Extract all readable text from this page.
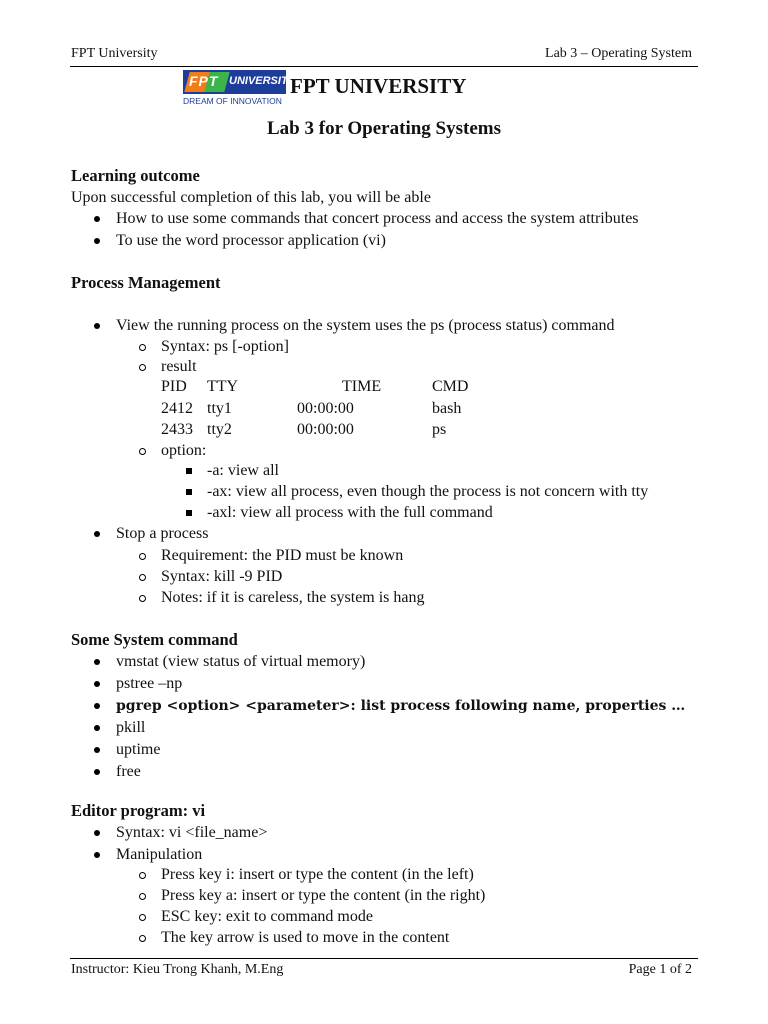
FPT University	Lab 3 – Operating System
FPT UNIVERSITY
DREAM OF INNOVATION
FPT UNIVERSITY
Lab 3 for Operating Systems
Learning outcome
Upon successful completion of this lab, you will be able
How to use some commands that concert process and access the system attributes
To use the word processor application (vi)
Process Management
View the running process on the system uses the ps (process status) command
Syntax: ps [-option]
result
PID TTY	TIME	CMD
2412 tty1	00:00:00	bash
2433 tty2	00:00:00	ps
option:
-a: view all
-ax: view all process, even though the process is not concern with tty
-axl: view all process with the full command
Stop a process
Requirement: the PID must be known
Syntax: kill -9 PID
Notes: if it is careless, the system is hang
Some System command
vmstat (view status of virtual memory)
pstree –np
pgrep <option> <parameter>: list process following name, properties …
pkill
uptime
free
Editor program: vi
Syntax: vi <file_name>
Manipulation
Press key i: insert or type the content (in the left)
Press key a: insert or type the content (in the right)
ESC key: exit to command mode
The key arrow is used to move in the content
Instructor: Kieu Trong Khanh, M.Eng	Page 1 of 2
